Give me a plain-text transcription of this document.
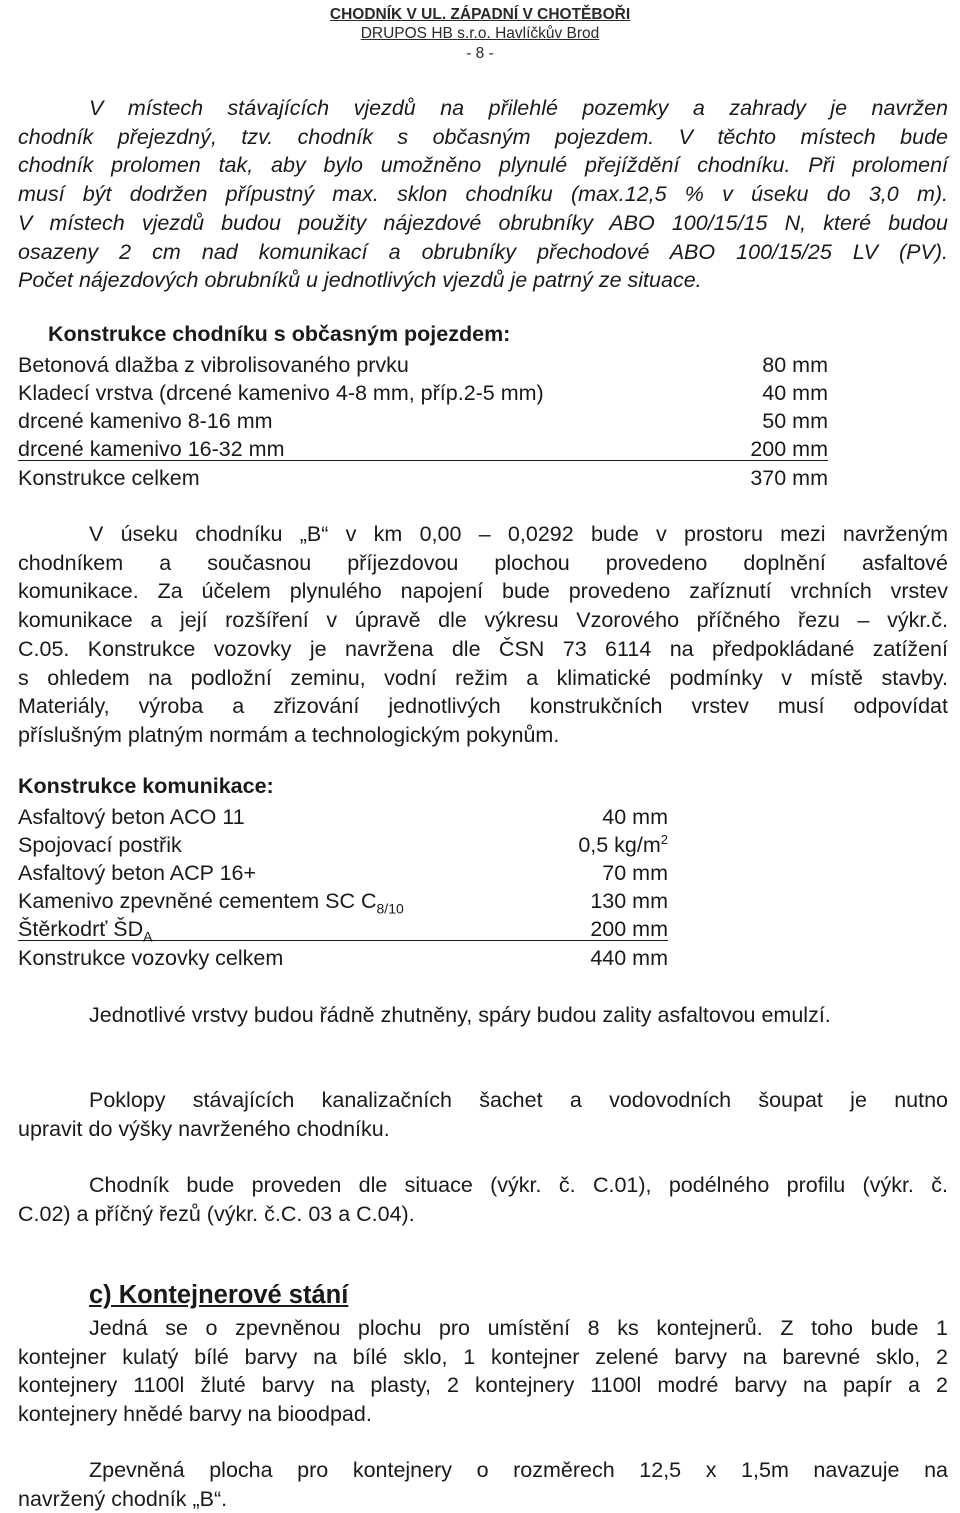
CHODNÍK V UL. ZÁPADNÍ V CHOTĚBOŘI
DRUPOS HB s.r.o. Havlíčkův Brod
- 8 -
V místech stávajících vjezdů na přilehlé pozemky a zahrady je navržen
chodník přejezdný, tzv. chodník s občasným pojezdem. V těchto místech bude
chodník prolomen tak, aby bylo umožněno plynulé přejíždění chodníku. Při prolomení
musí být dodržen přípustný max. sklon chodníku (max.12,5 % v úseku do 3,0 m).
V místech vjezdů budou použity nájezdové obrubníky ABO 100/15/15 N, které budou
osazeny 2 cm nad komunikací a obrubníky přechodové ABO 100/15/25 LV (PV).
Počet nájezdových obrubníků u jednotlivých vjezdů je patrný ze situace.
Konstrukce chodníku s občasným pojezdem:
Betonová dlažba z vibrolisovaného prvku	80 mm
Kladecí vrstva (drcené kamenivo 4-8 mm, příp.2-5 mm)	40 mm
drcené kamenivo 8-16 mm	50 mm
drcené kamenivo 16-32 mm	200 mm
Konstrukce celkem	370 mm
V úseku chodníku „B“ v km 0,00 – 0,0292 bude v prostoru mezi navrženým
chodníkem a současnou příjezdovou plochou provedeno doplnění asfaltové
komunikace. Za účelem plynulého napojení bude provedeno zaříznutí vrchních vrstev
komunikace a její rozšíření v úpravě dle výkresu Vzorového příčného řezu – výkr.č.
C.05. Konstrukce vozovky je navržena dle ČSN 73 6114 na předpokládané zatížení
s ohledem na podložní zeminu, vodní režim a klimatické podmínky v místě stavby.
Materiály, výroba a zřizování jednotlivých konstrukčních vrstev musí odpovídat
příslušným platným normám a technologickým pokynům.
Konstrukce komunikace:
Asfaltový beton ACO 11	40 mm
Spojovací postřik	0,5 $kg/m^2$
Asfaltový beton ACP 16+	70 mm
Kamenivo zpevněné cementem SC $C_{8/10}$	130 mm
Štěrkodrť $ŠD_A$	200 mm
Konstrukce vozovky celkem	440 mm
Jednotlivé vrstvy budou řádně zhutněny, spáry budou zality asfaltovou emulzí.
Poklopy stávajících kanalizačních šachet a vodovodních šoupat je nutno
upravit do výšky navrženého chodníku.
Chodník bude proveden dle situace (výkr. č. C.01), podélného profilu (výkr. č.
C.02) a příčný řezů (výkr. č.C. 03 a C.04).
c) Kontejnerové stání
Jedná se o zpevněnou plochu pro umístění 8 ks kontejnerů. Z toho bude 1
kontejner kulatý bílé barvy na bílé sklo, 1 kontejner zelené barvy na barevné sklo, 2
kontejnery 1100l žluté barvy na plasty, 2 kontejnery 1100l modré barvy na papír a 2
kontejnery hnědé barvy na bioodpad.
Zpevněná plocha pro kontejnery o rozměrech 12,5 x 1,5m navazuje na
navržený chodník „B“.
